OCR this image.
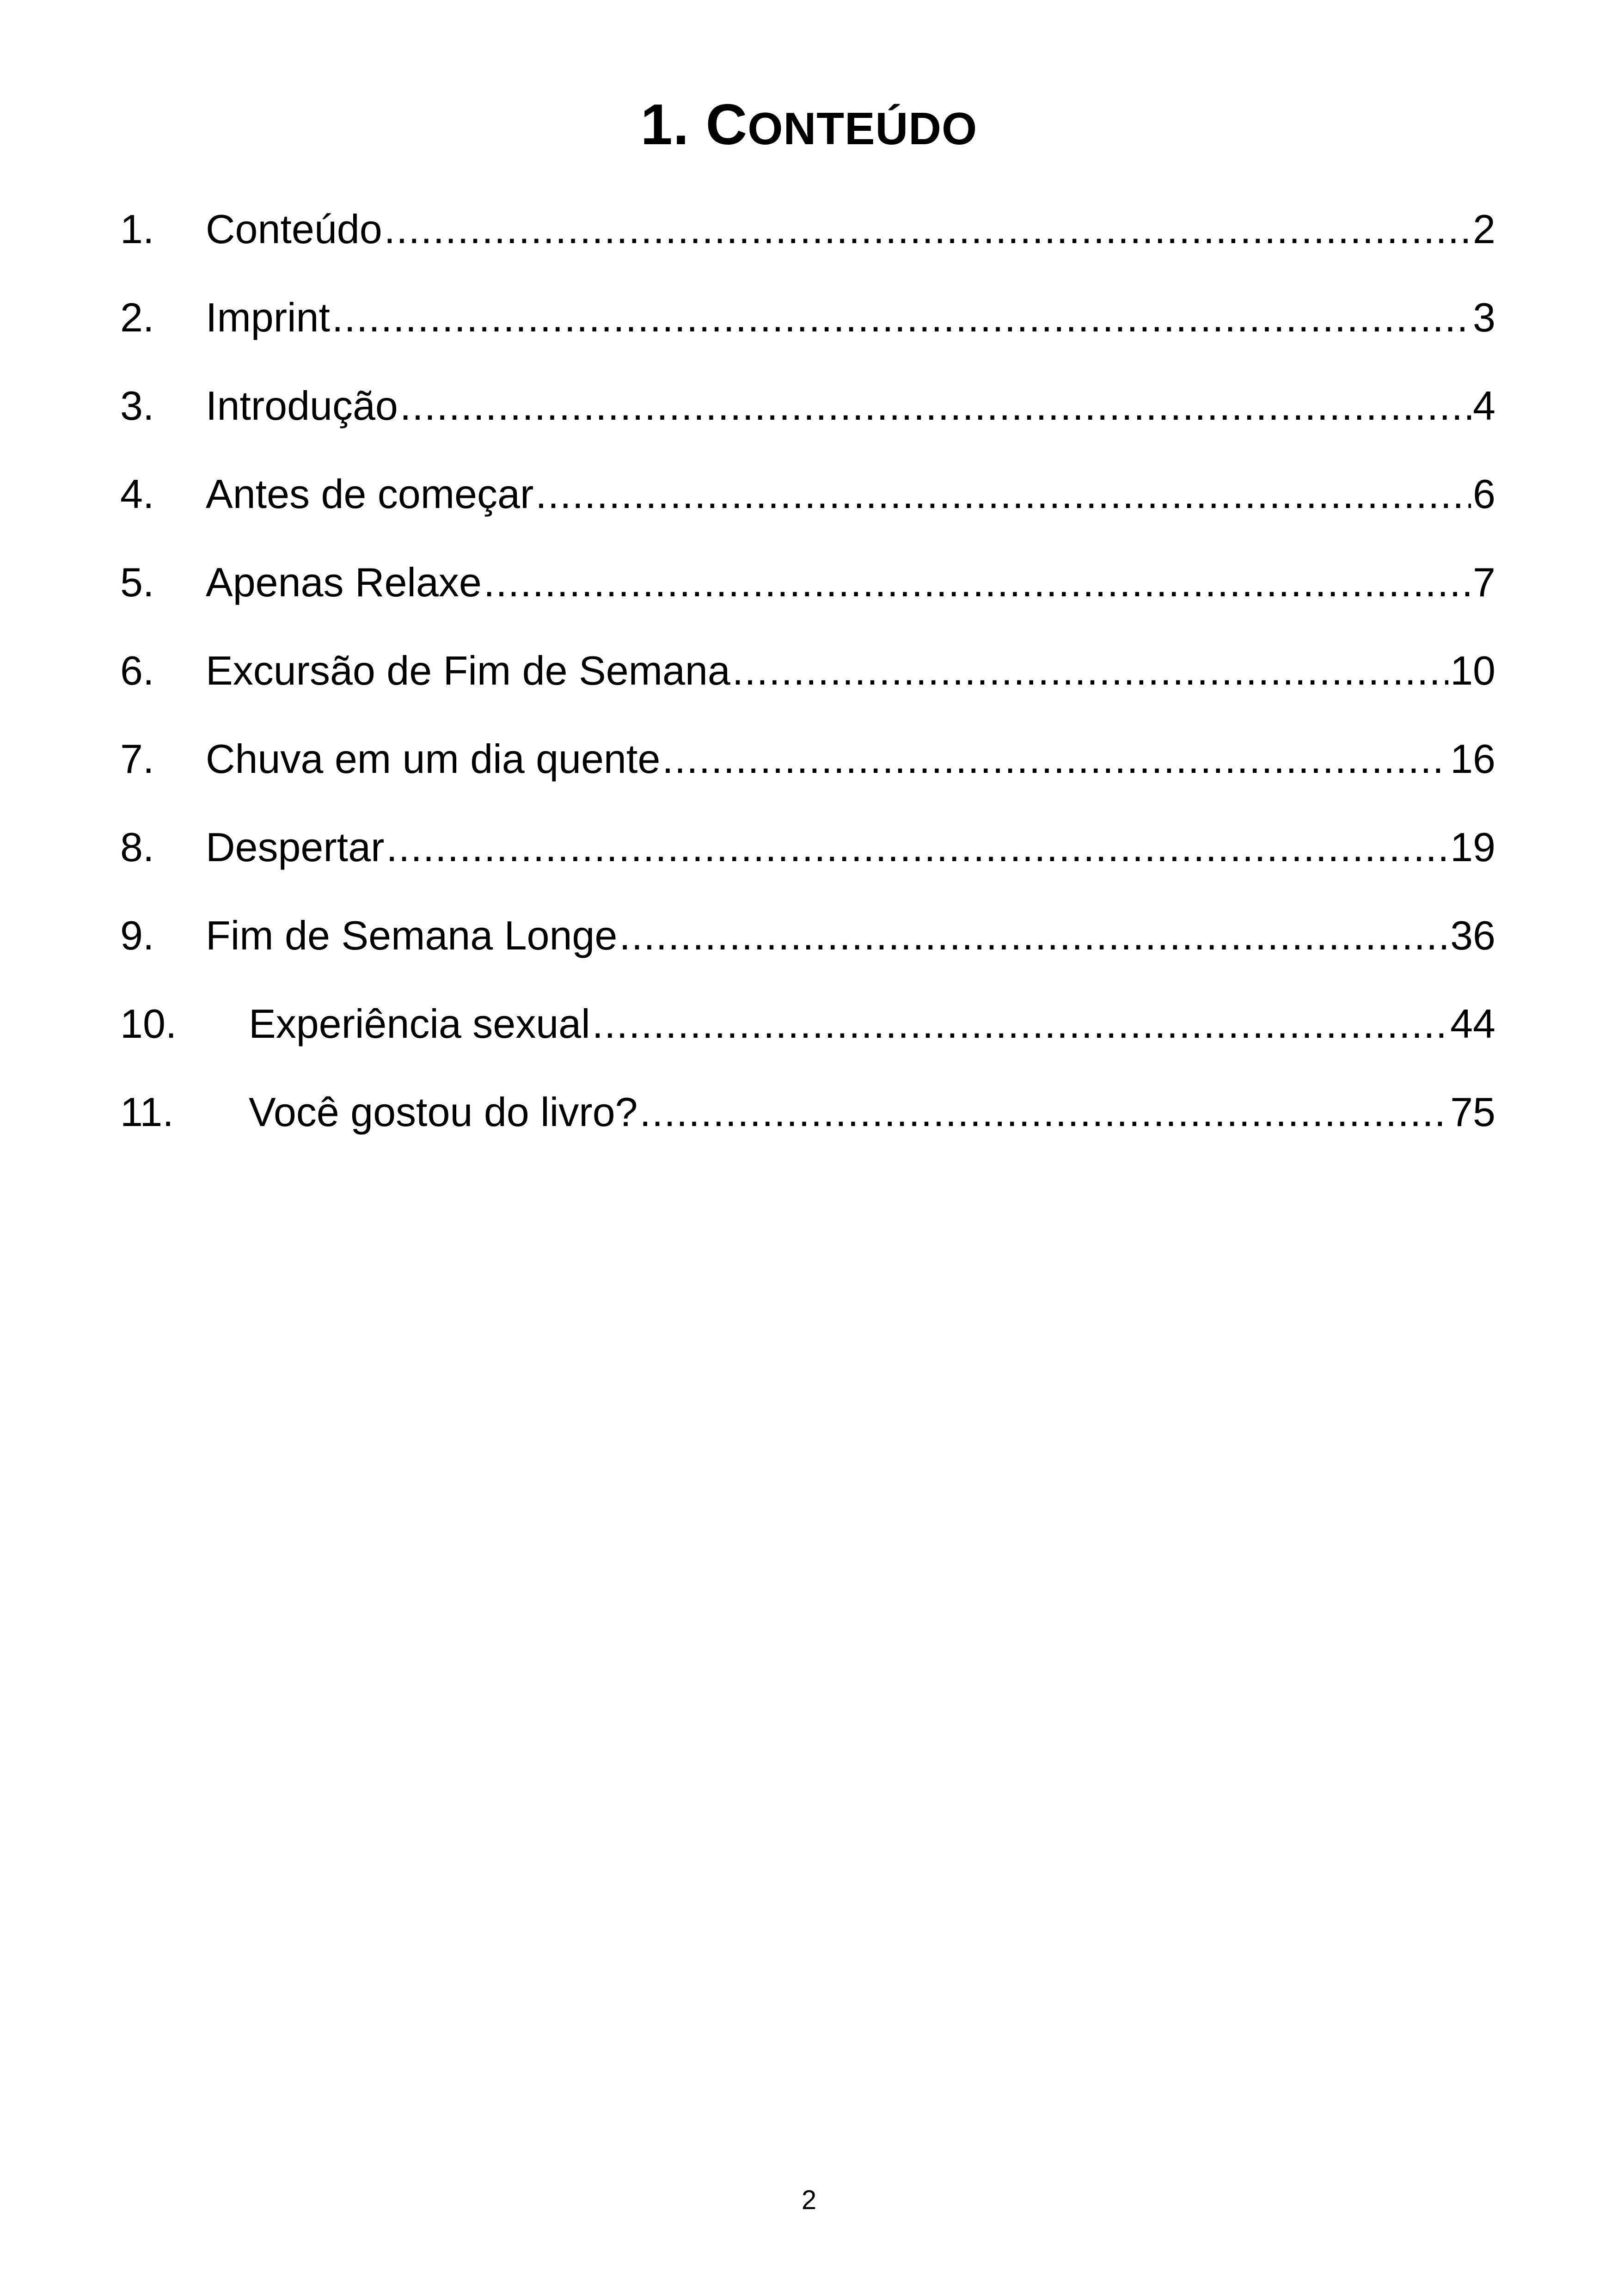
1. CONTEÚDO
1.	Conteúdo .....	2
2.	Imprint .....	3
3.	Introdução .....	4
4.	Antes de começar .....	6
5.	Apenas Relaxe .....	7
6.	Excursão de Fim de Semana .....	10
7.	Chuva em um dia quente .....	16
8.	Despertar .....	19
9.	Fim de Semana Longe .....	36
10.	Experiência sexual .....	44
11.	Você gostou do livro? .....	75
2
